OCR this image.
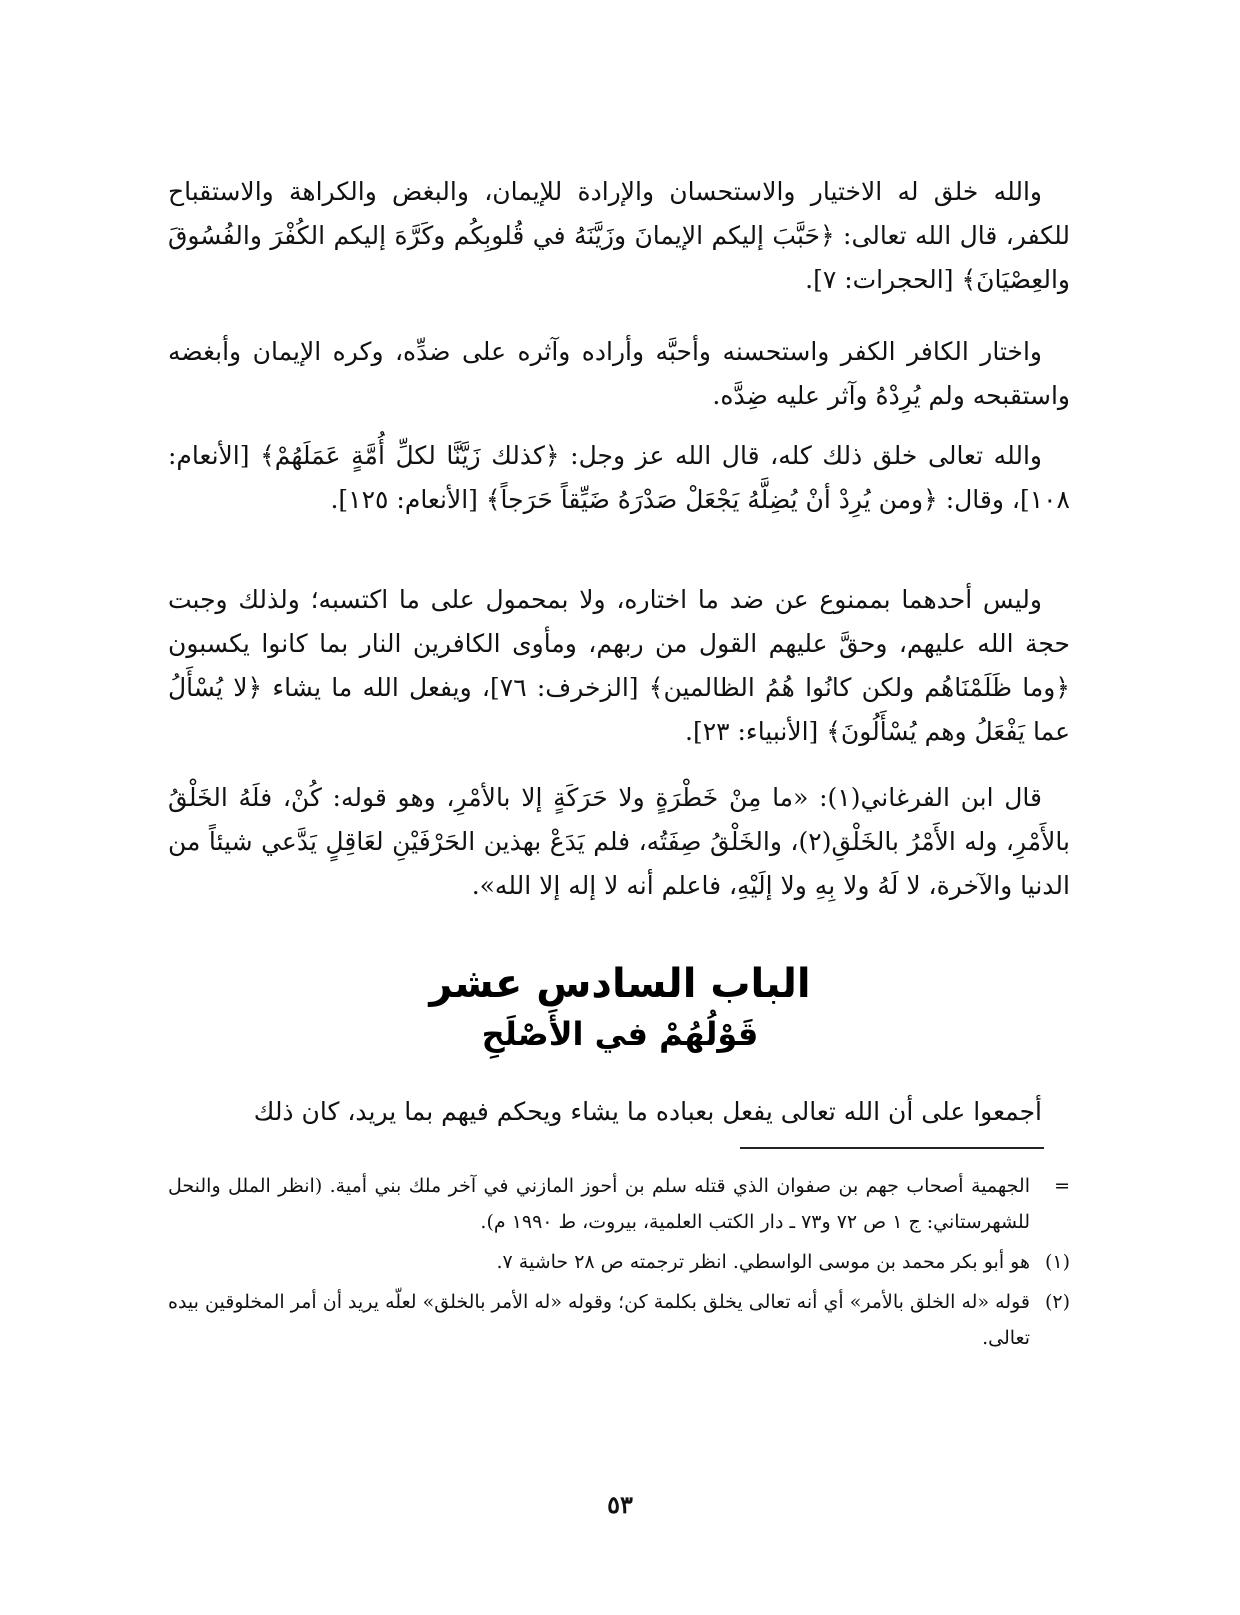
والله خلق له الاختيار والاستحسان والإرادة للإيمان، والبغض والكراهة والاستقباح للكفر، قال الله تعالى: ﴿حَبَّبَ إليكم الإيمانَ وزَيَّنَهُ في قُلوبِكُم وكَرَّهَ إليكم الكُفْرَ والفُسُوقَ والعِصْيَانَ﴾ [الحجرات: ٧].

واختار الكافر الكفر واستحسنه وأحبَّه وأراده وآثره على ضدِّه، وكره الإيمان وأبغضه واستقبحه ولم يُرِدْهُ وآثر عليه ضِدَّه.

والله تعالى خلق ذلك كله، قال الله عز وجل: ﴿كذلك زَيَّنَّا لكلِّ أُمَّةٍ عَمَلَهُمْ﴾ [الأنعام: ١٠٨]، وقال: ﴿ومن يُرِدْ أنْ يُضِلَّهُ يَجْعَلْ صَدْرَهُ ضَيِّقاً حَرَجاً﴾ [الأنعام: ١٢٥].

وليس أحدهما بممنوع عن ضد ما اختاره، ولا بمحمول على ما اكتسبه؛ ولذلك وجبت حجة الله عليهم، وحقَّ عليهم القول من ربهم، ومأوى الكافرين النار بما كانوا يكسبون ﴿وما ظَلَمْنَاهُم ولكن كانُوا هُمُ الظالمين﴾ [الزخرف: ٧٦]، ويفعل الله ما يشاء ﴿لا يُسْأَلُ عما يَفْعَلُ وهم يُسْأَلُونَ﴾ [الأنبياء: ٢٣].

قال ابن الفرغاني(١): «ما مِنْ خَطْرَةٍ ولا حَرَكَةٍ إلا بالأمْرِ، وهو قوله: كُنْ، فلَهُ الخَلْقُ بالأَمْرِ، وله الأَمْرُ بالخَلْقِ(٢)، والخَلْقُ صِفَتُه، فلم يَدَعْ بهذين الحَرْفَيْنِ لعَاقِلٍ يَدَّعي شيئاً من الدنيا والآخرة، لا لَهُ ولا بِهِ ولا إلَيْهِ، فاعلم أنه لا إله إلا الله».

الباب السادس عشر
قَوْلُهُمْ في الأَصْلَحِ

أجمعوا على أن الله تعالى يفعل بعباده ما يشاء ويحكم فيهم بما يريد، كان ذلك

=
الجهمية أصحاب جهم بن صفوان الذي قتله سلم بن أحوز المازني في آخر ملك بني أمية. (انظر الملل والنحل للشهرستاني: ج ١ ص ٧٢ و٧٣ ـ دار الكتب العلمية، بيروت، ط ١٩٩٠ م).
(١)
هو أبو بكر محمد بن موسى الواسطي. انظر ترجمته ص ٢٨ حاشية ٧.
(٢)
قوله «له الخلق بالأمر» أي أنه تعالى يخلق بكلمة كن؛ وقوله «له الأمر بالخلق» لعلّه يريد أن أمر المخلوقين بيده تعالى.
٥٣
